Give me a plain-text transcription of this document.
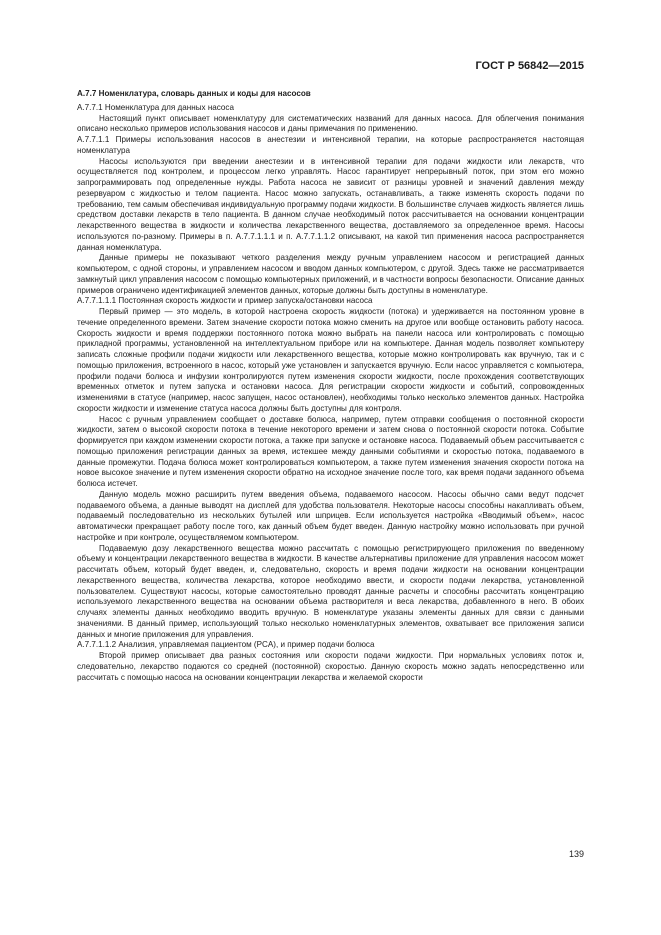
ГОСТ Р 56842—2015

А.7.7 Номенклатура, словарь данных и коды для насосов

А.7.7.1 Номенклатура для данных насоса

Настоящий пункт описывает номенклатуру для систематических названий для данных насоса. Для облегчения понимания описано несколько примеров использования насосов и даны примечания по применению.

А.7.7.1.1 Примеры использования насосов в анестезии и интенсивной терапии, на которые распространяется настоящая номенклатура

Насосы используются при введении анестезии и в интенсивной терапии для подачи жидкости или лекарств, что осуществляется под контролем, и процессом легко управлять. Насос гарантирует непрерывный поток, при этом его можно запрограммировать под определенные нужды. Работа насоса не зависит от разницы уровней и значений давления между резервуаром с жидкостью и телом пациента. Насос можно запускать, останавливать, а также изменять скорость подачи по требованию, тем самым обеспечивая индивидуальную программу подачи жидкости. В большинстве случаев жидкость является лишь средством доставки лекарств в тело пациента. В данном случае необходимый поток рассчитывается на основании концентрации лекарственного вещества в жидкости и количества лекарственного вещества, доставляемого за определенное время. Насосы используются по-разному. Примеры в п. А.7.7.1.1.1 и п. А.7.7.1.1.2 описывают, на какой тип применения насоса распространяется данная номенклатура.

Данные примеры не показывают четкого разделения между ручным управлением насосом и регистрацией данных компьютером, с одной стороны, и управлением насосом и вводом данных компьютером, с другой. Здесь также не рассматривается замкнутый цикл управления насосом с помощью компьютерных приложений, и в частности вопросы безопасности. Описание данных примеров ограничено идентификацией элементов данных, которые должны быть доступны в номенклатуре.

А.7.7.1.1.1 Постоянная скорость жидкости и пример запуска/остановки насоса

Первый пример — это модель, в которой настроена скорость жидкости (потока) и удерживается на постоянном уровне в течение определенного времени. Затем значение скорости потока можно сменить на другое или вообще остановить работу насоса. Скорость жидкости и время поддержки постоянного потока можно выбрать на панели насоса или контролировать с помощью прикладной программы, установленной на интеллектуальном приборе или на компьютере. Данная модель позволяет компьютеру записать сложные профили подачи жидкости или лекарственного вещества, которые можно контролировать как вручную, так и с помощью приложения, встроенного в насос, который уже установлен и запускается вручную. Если насос управляется с компьютера, профили подачи болюса и инфузии контролируются путем изменения скорости жидкости, после прохождения соответствующих временных отметок и путем запуска и остановки насоса. Для регистрации скорости жидкости и событий, сопровожденных изменениями в статусе (например, насос запущен, насос остановлен), необходимы только несколько элементов данных. Настройка скорости жидкости и изменение статуса насоса должны быть доступны для контроля.

Насос с ручным управлением сообщает о доставке болюса, например, путем отправки сообщения о постоянной скорости жидкости, затем о высокой скорости потока в течение некоторого времени и затем снова о постоянной скорости потока. Событие формируется при каждом изменении скорости потока, а также при запуске и остановке насоса. Подаваемый объем рассчитывается с помощью приложения регистрации данных за время, истекшее между данными событиями и скоростью потока, подаваемого в данные промежутки. Подача болюса может контролироваться компьютером, а также путем изменения значения скорости потока на новое высокое значение и путем изменения скорости обратно на исходное значение после того, как время подачи заданного объема болюса истечет.

Данную модель можно расширить путем введения объема, подаваемого насосом. Насосы обычно сами ведут подсчет подаваемого объема, а данные выводят на дисплей для удобства пользователя. Некоторые насосы способны накапливать объем, подаваемый последовательно из нескольких бутылей или шприцев. Если используется настройка «Вводимый объем», насос автоматически прекращает работу после того, как данный объем будет введен. Данную настройку можно использовать при ручной настройке и при контроле, осуществляемом компьютером.

Подаваемую дозу лекарственного вещества можно рассчитать с помощью регистрирующего приложения по введенному объему и концентрации лекарственного вещества в жидкости. В качестве альтернативы приложение для управления насосом может рассчитать объем, который будет введен, и, следовательно, скорость и время подачи жидкости на основании концентрации лекарственного вещества, количества лекарства, которое необходимо ввести, и скорости подачи лекарства, установленной пользователем. Существуют насосы, которые самостоятельно проводят данные расчеты и способны рассчитать концентрацию используемого лекарственного вещества на основании объема растворителя и веса лекарства, добавленного в него. В обоих случаях элементы данных необходимо вводить вручную. В номенклатуре указаны элементы данных для связи с данными значениями. В данный пример, использующий только несколько номенклатурных элементов, охватывает все приложения записи данных и многие приложения для управления.

А.7.7.1.1.2 Анализия, управляемая пациентом (PCA), и пример подачи болюса

Второй пример описывает два разных состояния или скорости подачи жидкости. При нормальных условиях поток и, следовательно, лекарство подаются со средней (постоянной) скоростью. Данную скорость можно задать непосредственно или рассчитать с помощью насоса на основании концентрации лекарства и желаемой скорости

139
